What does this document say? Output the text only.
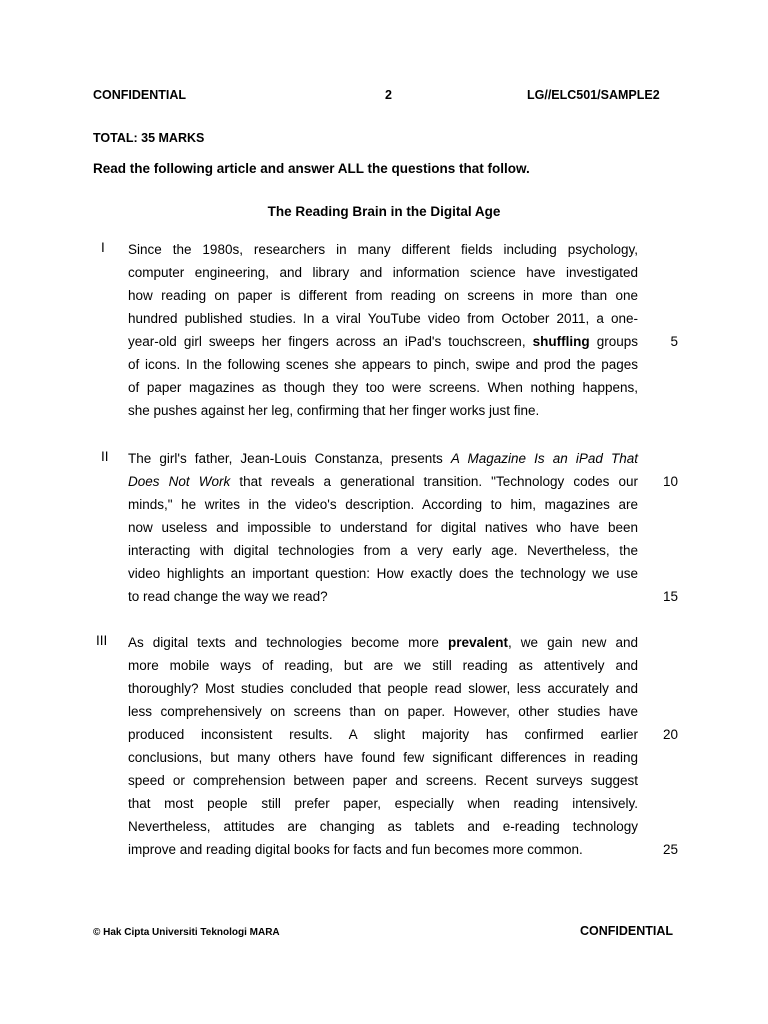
CONFIDENTIAL	2	LG//ELC501/SAMPLE2
TOTAL: 35 MARKS
Read the following article and answer ALL the questions that follow.
The Reading Brain in the Digital Age
I Since the 1980s, researchers in many different fields including psychology,
computer engineering, and library and information science have investigated
how reading on paper is different from reading on screens in more than one
hundred published studies. In a viral YouTube video from October 2011, a one-
year-old girl sweeps her fingers across an iPad's touchscreen, shuffling groups
of icons. In the following scenes she appears to pinch, swipe and prod the pages
of paper magazines as though they too were screens. When nothing happens,
she pushes against her leg, confirming that her finger works just fine.
II The girl's father, Jean-Louis Constanza, presents A Magazine Is an iPad That
Does Not Work that reveals a generational transition. "Technology codes our
minds," he writes in the video's description. According to him, magazines are
now useless and impossible to understand for digital natives who have been
interacting with digital technologies from a very early age. Nevertheless, the
video highlights an important question: How exactly does the technology we use
to read change the way we read?
III As digital texts and technologies become more prevalent, we gain new and
more mobile ways of reading, but are we still reading as attentively and
thoroughly? Most studies concluded that people read slower, less accurately and
less comprehensively on screens than on paper. However, other studies have
produced inconsistent results. A slight majority has confirmed earlier
conclusions, but many others have found few significant differences in reading
speed or comprehension between paper and screens. Recent surveys suggest
that most people still prefer paper, especially when reading intensively.
Nevertheless, attitudes are changing as tablets and e-reading technology
improve and reading digital books for facts and fun becomes more common.
5
10
15
20
25
© Hak Cipta Universiti Teknologi MARA	CONFIDENTIAL
